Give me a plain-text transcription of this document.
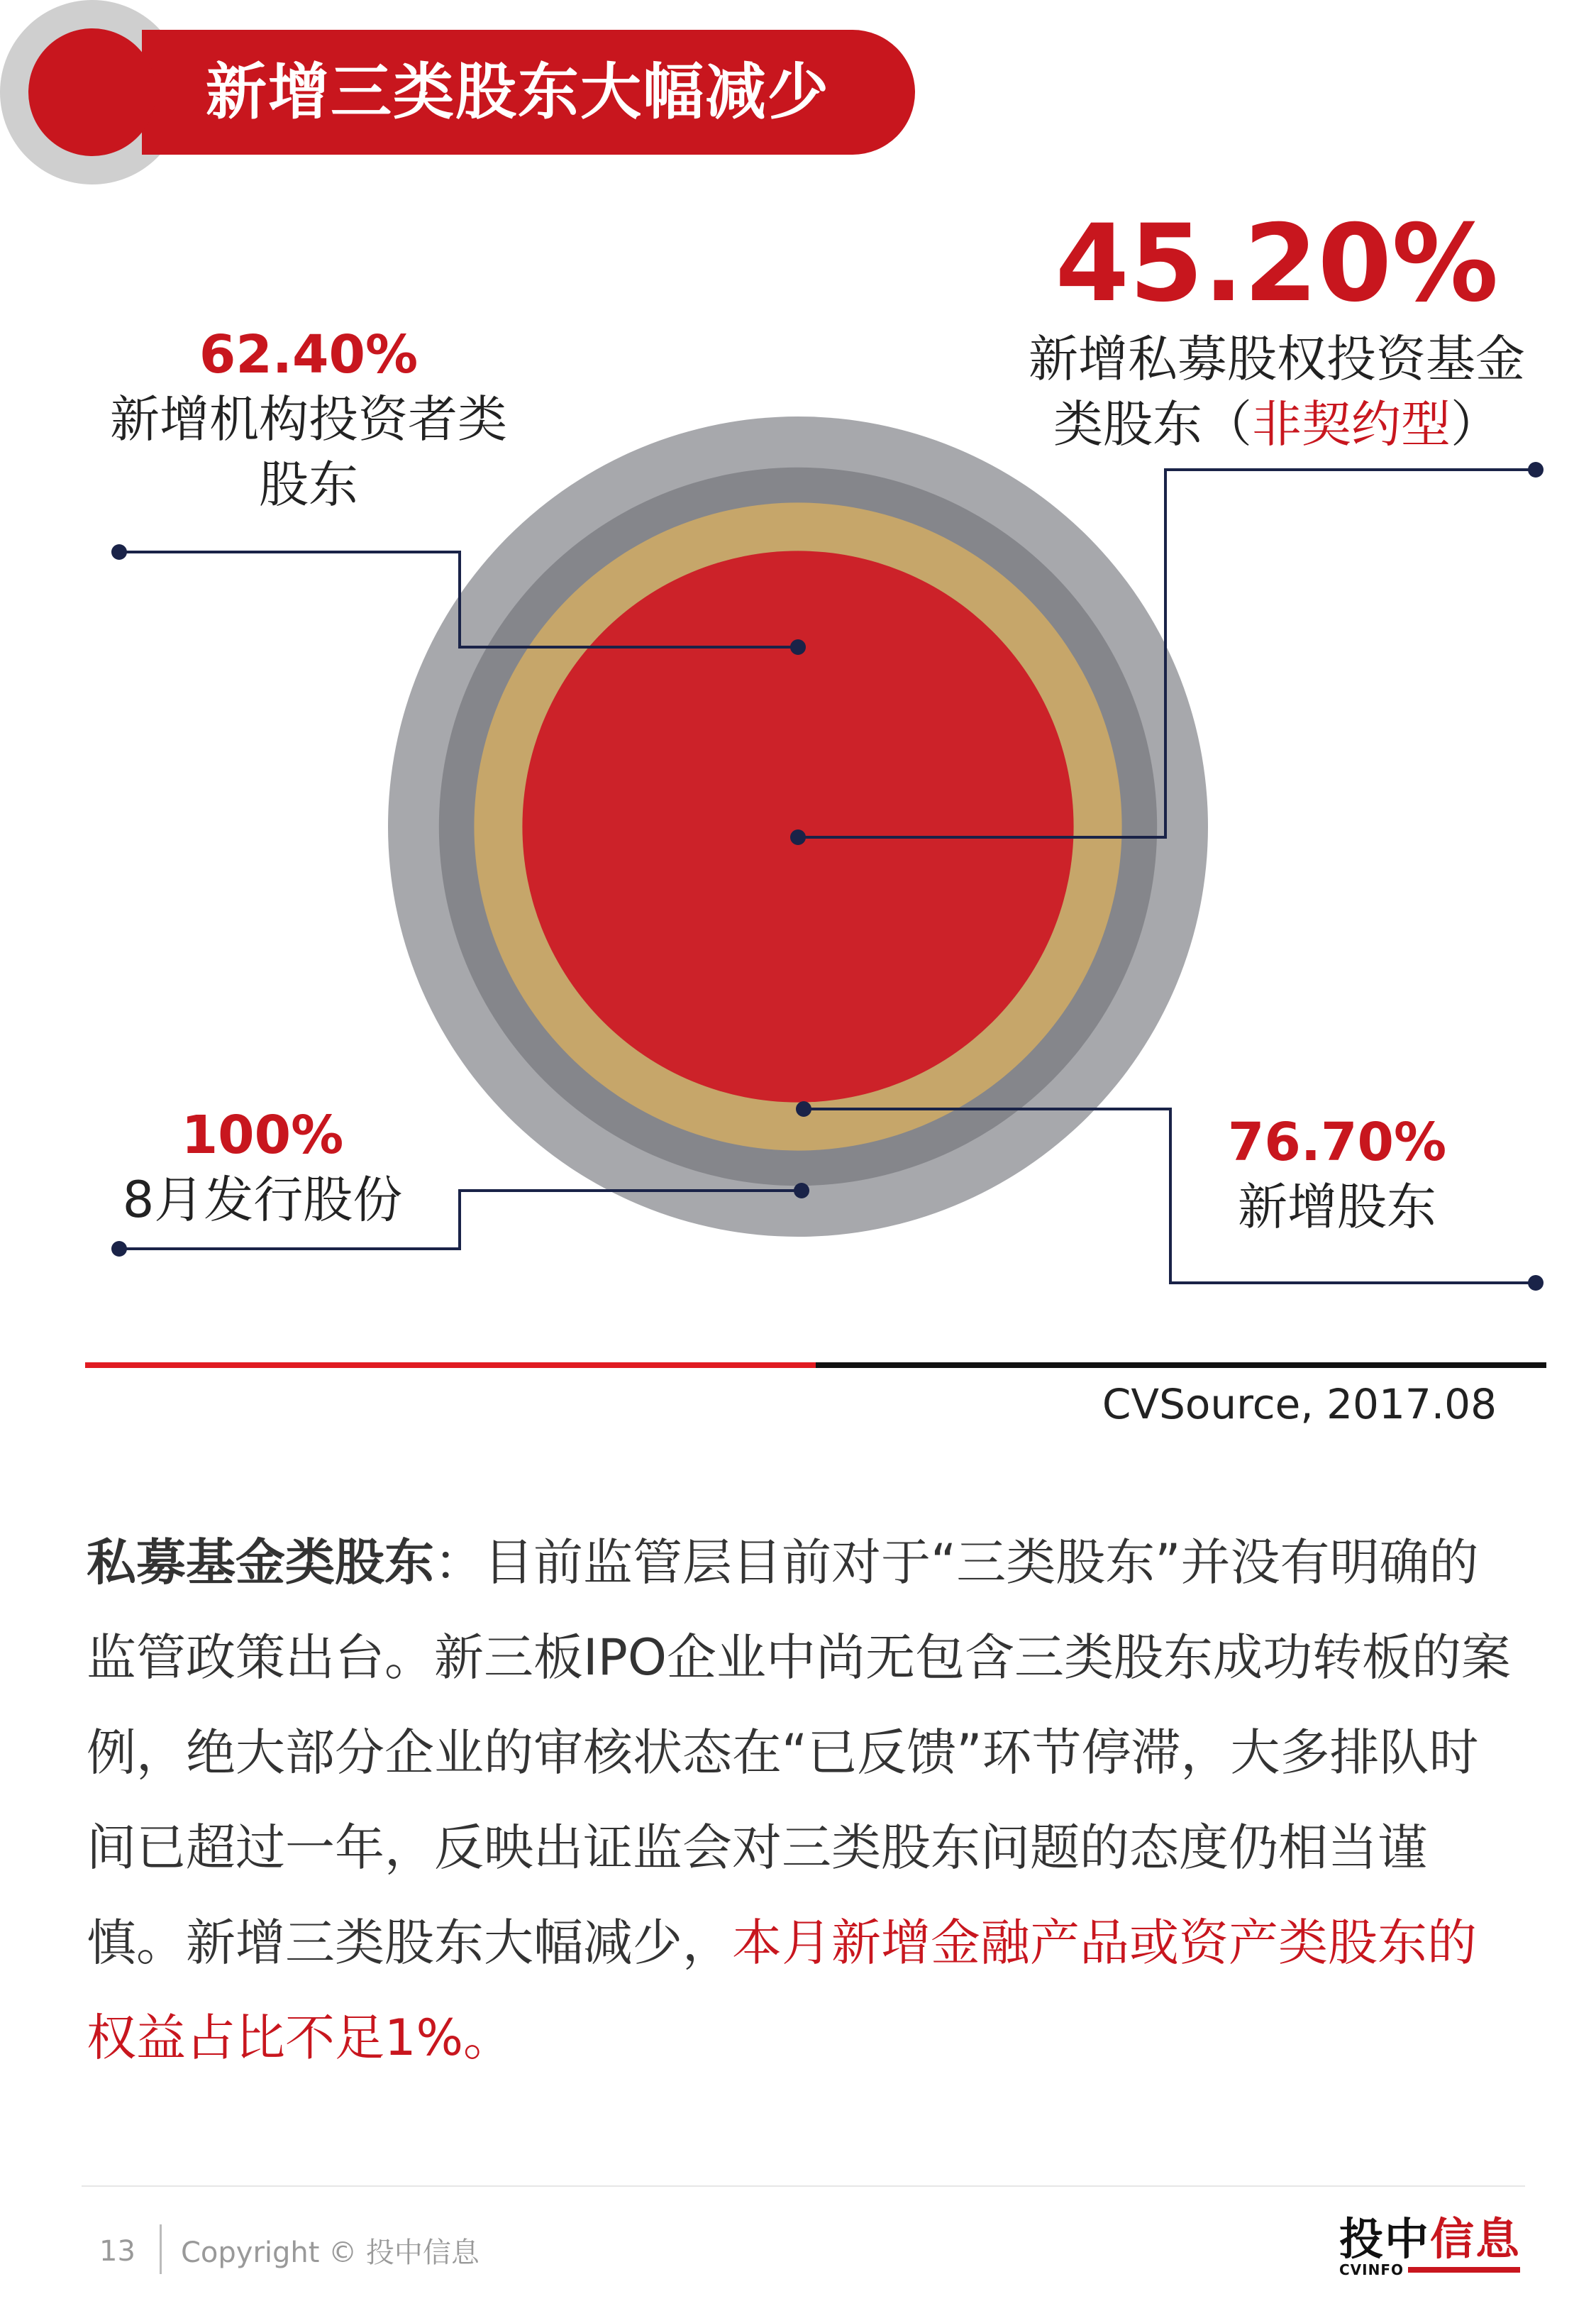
新增三类股东大幅减少
62.40%
新增机构投资者类
股东
45.20%
新增私募股权投资基金
类股东（非契约型）
100%
8月发行股份
76.70%
新增股东
CVSource, 2017.08
私募基金类股东：目前监管层目前对于“三类股东”并没有明确的监管政策出台。新三板IPO企业中尚无包含三类股东成功转板的案例，绝大部分企业的审核状态在“已反馈”环节停滞，大多排队时间已超过一年，反映出证监会对三类股东问题的态度仍相当谨慎。新增三类股东大幅减少，本月新增金融产品或资产类股东的权益占比不足1%。
13 Copyright © 投中信息	投中信息
CVINFO
